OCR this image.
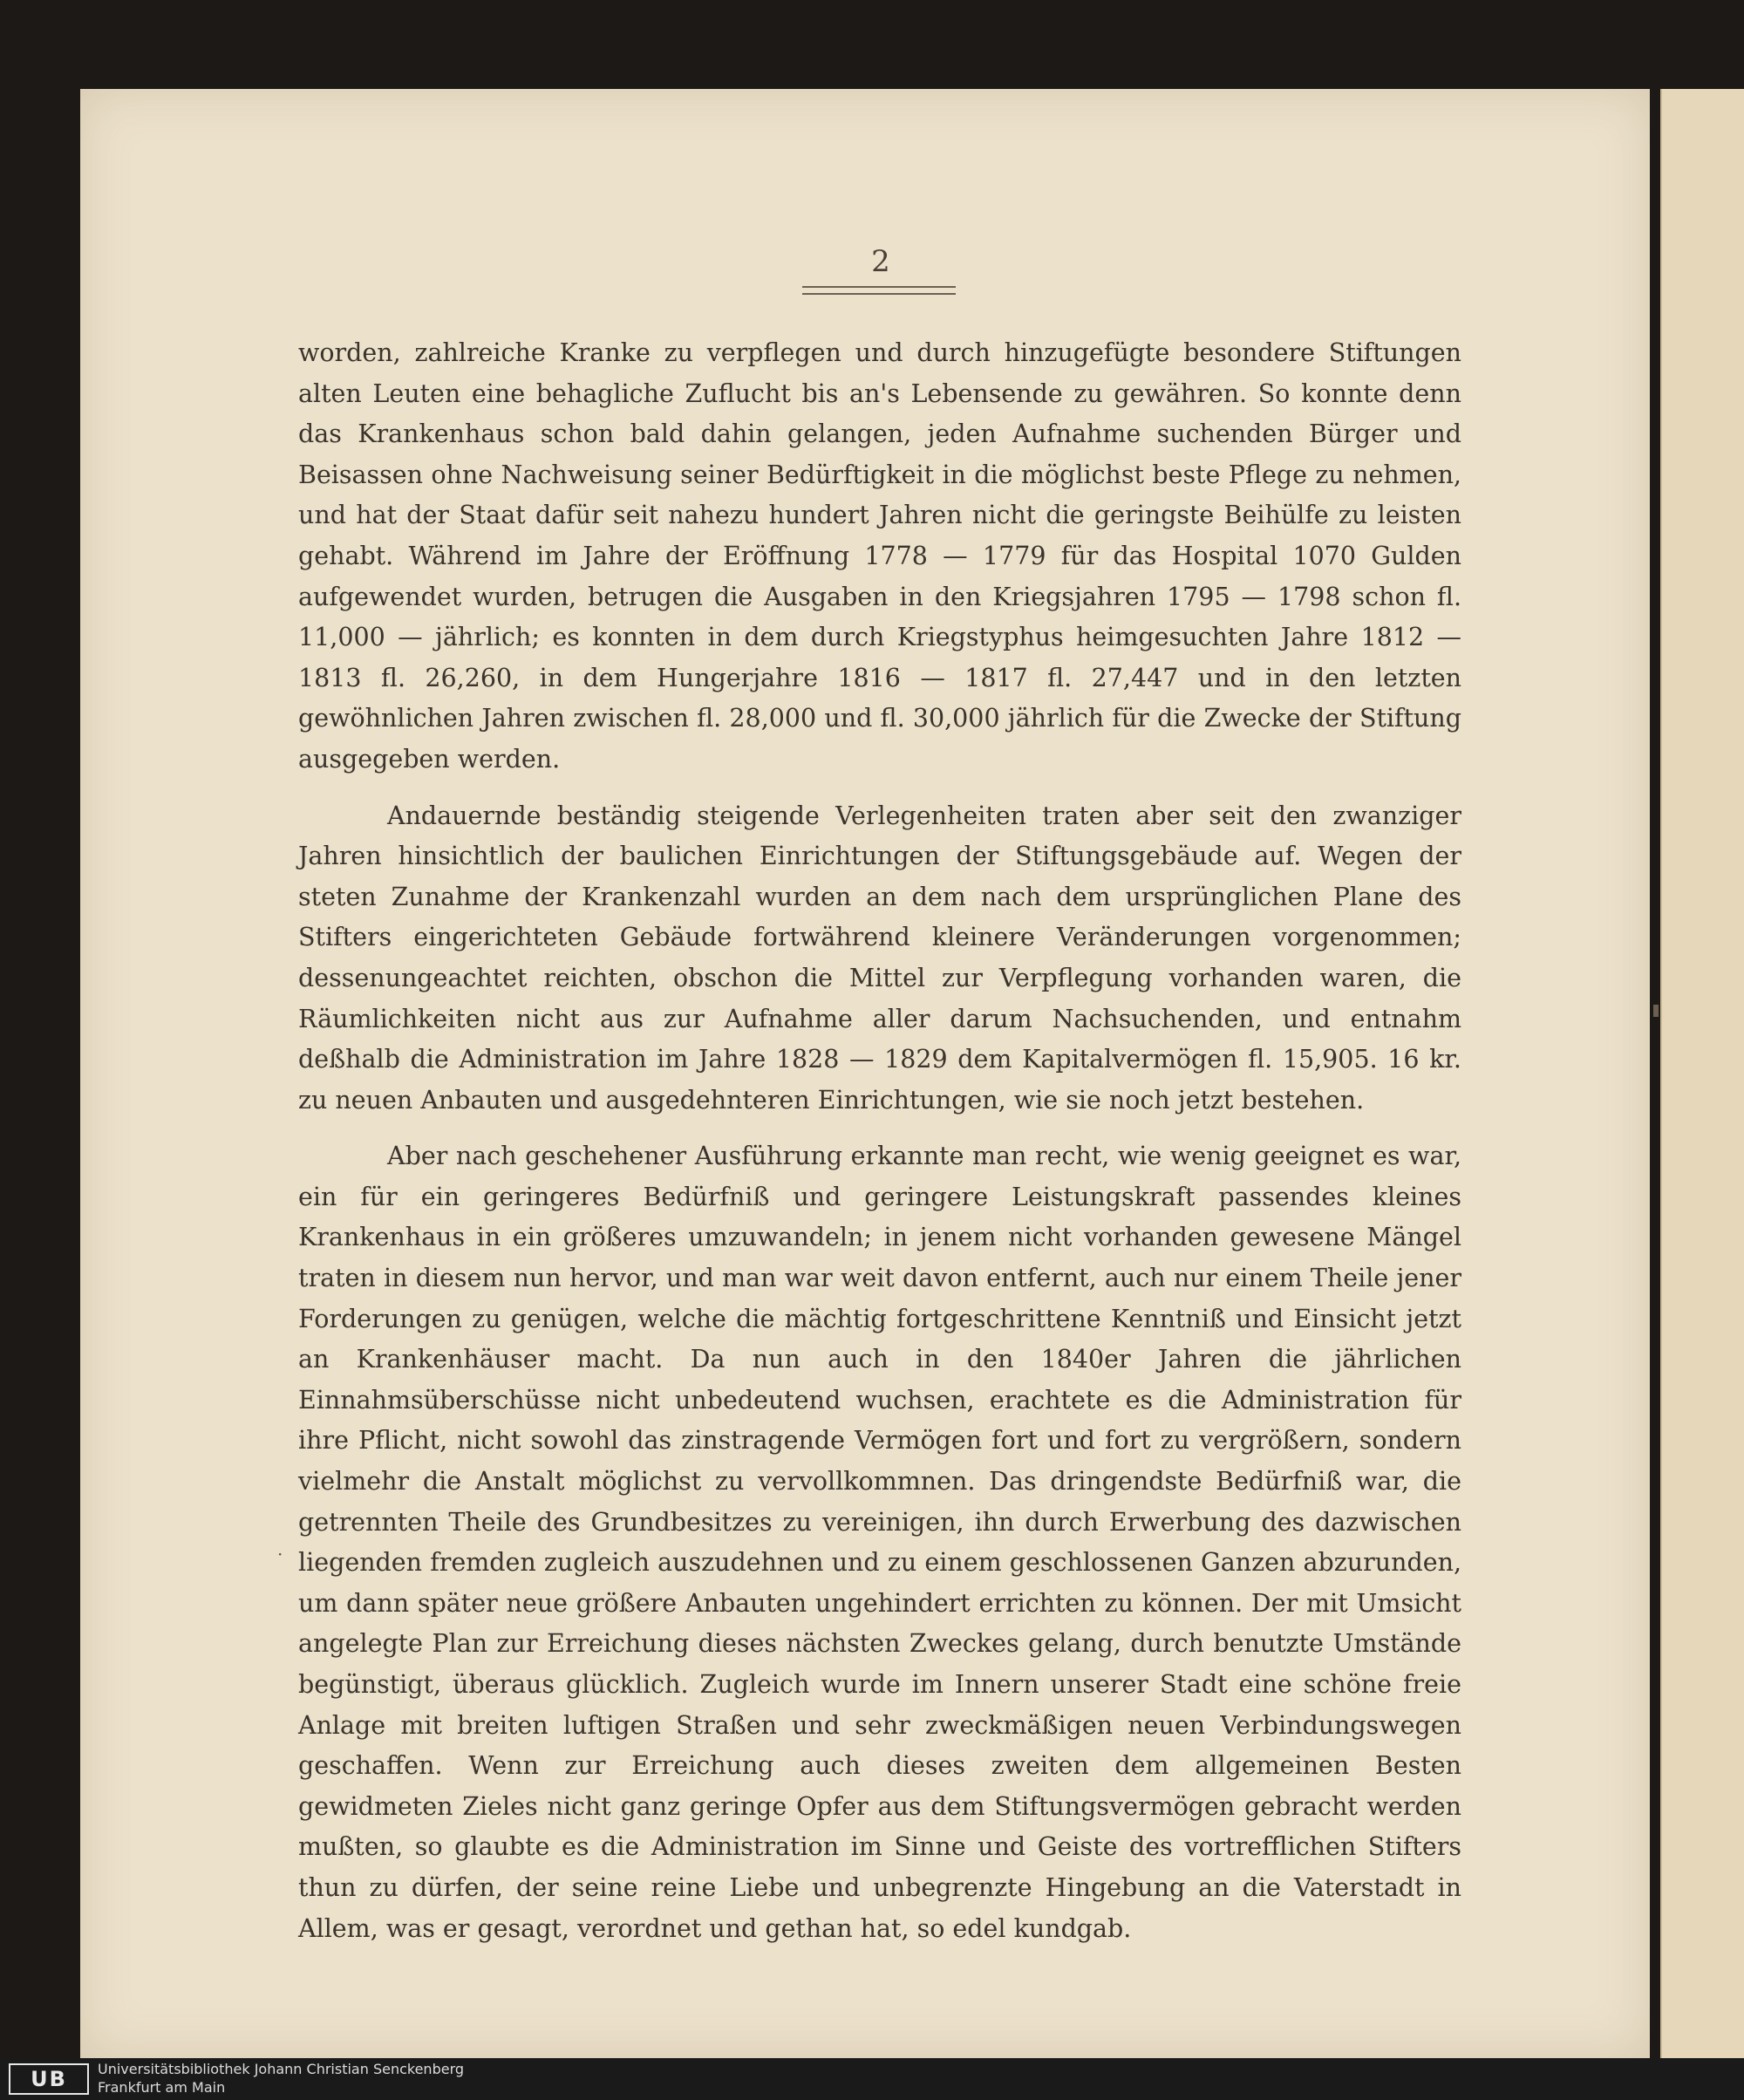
2

worden, zahlreiche Kranke zu verpflegen und durch hinzugefügte besondere Stiftungen alten Leuten eine behagliche Zuflucht bis an's Lebensende zu gewähren. So konnte denn das Krankenhaus schon bald dahin gelangen, jeden Aufnahme suchenden Bürger und Beisassen ohne Nachweisung seiner Bedürftigkeit in die möglichst beste Pflege zu nehmen, und hat der Staat dafür seit nahezu hundert Jahren nicht die geringste Beihülfe zu leisten gehabt. Während im Jahre der Eröffnung 1778 — 1779 für das Hospital 1070 Gulden aufgewendet wurden, betrugen die Ausgaben in den Kriegsjahren 1795 — 1798 schon fl. 11,000 — jährlich; es konnten in dem durch Kriegstyphus heimgesuchten Jahre 1812 — 1813 fl. 26,260, in dem Hungerjahre 1816 — 1817 fl. 27,447 und in den letzten gewöhnlichen Jahren zwischen fl. 28,000 und fl. 30,000 jährlich für die Zwecke der Stiftung ausgegeben werden.

Andauernde beständig steigende Verlegenheiten traten aber seit den zwanziger Jahren hinsichtlich der baulichen Einrichtungen der Stiftungsgebäude auf. Wegen der steten Zunahme der Krankenzahl wurden an dem nach dem ursprünglichen Plane des Stifters eingerichteten Gebäude fortwährend kleinere Veränderungen vorgenommen; dessenungeachtet reichten, obschon die Mittel zur Verpflegung vorhanden waren, die Räumlichkeiten nicht aus zur Aufnahme aller darum Nachsuchenden, und entnahm deßhalb die Administration im Jahre 1828 — 1829 dem Kapitalvermögen fl. 15,905. 16 kr. zu neuen Anbauten und ausgedehnteren Einrichtungen, wie sie noch jetzt bestehen.

Aber nach geschehener Ausführung erkannte man recht, wie wenig geeignet es war, ein für ein geringeres Bedürfniß und geringere Leistungskraft passendes kleines Krankenhaus in ein größeres umzuwandeln; in jenem nicht vorhanden gewesene Mängel traten in diesem nun hervor, und man war weit davon entfernt, auch nur einem Theile jener Forderungen zu genügen, welche die mächtig fortgeschrittene Kenntniß und Einsicht jetzt an Krankenhäuser macht. Da nun auch in den 1840er Jahren die jährlichen Einnahmsüberschüsse nicht unbedeutend wuchsen, erachtete es die Administration für ihre Pflicht, nicht sowohl das zinstragende Vermögen fort und fort zu vergrößern, sondern vielmehr die Anstalt möglichst zu vervollkommnen. Das dringendste Bedürfniß war, die getrennten Theile des Grundbesitzes zu vereinigen, ihn durch Erwerbung des dazwischen liegenden fremden zugleich auszudehnen und zu einem geschlossenen Ganzen abzurunden, um dann später neue größere Anbauten ungehindert errichten zu können. Der mit Umsicht angelegte Plan zur Erreichung dieses nächsten Zweckes gelang, durch benutzte Umstände begünstigt, überaus glücklich. Zugleich wurde im Innern unserer Stadt eine schöne freie Anlage mit breiten luftigen Straßen und sehr zweckmäßigen neuen Verbindungswegen geschaffen. Wenn zur Erreichung auch dieses zweiten dem allgemeinen Besten gewidmeten Zieles nicht ganz geringe Opfer aus dem Stiftungsvermögen gebracht werden mußten, so glaubte es die Administration im Sinne und Geiste des vortrefflichen Stifters thun zu dürfen, der seine reine Liebe und unbegrenzte Hingebung an die Vaterstadt in Allem, was er gesagt, verordnet und gethan hat, so edel kundgab.

·
UB	Universitätsbibliothek Johann Christian Senckenberg
Frankfurt am Main
